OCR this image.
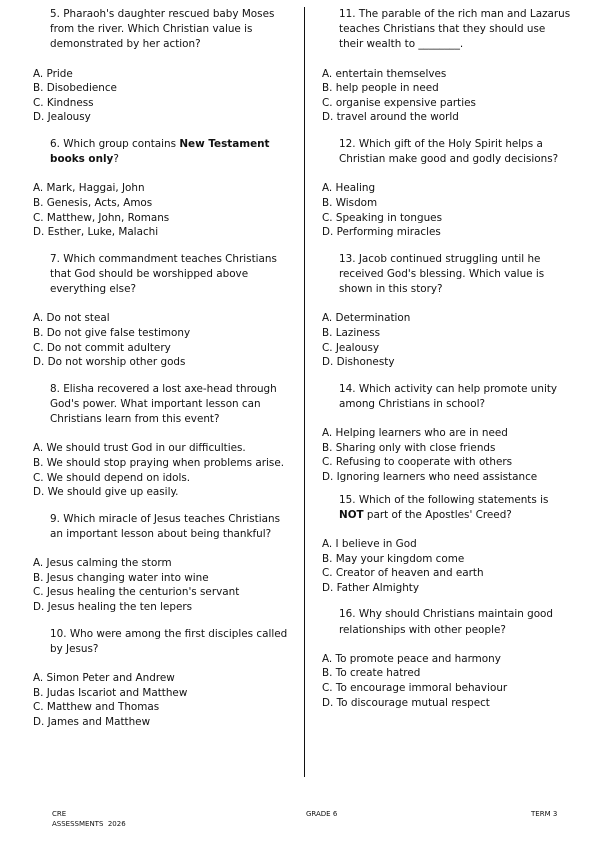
5. Pharaoh's daughter rescued baby Moses from the river. Which Christian value is demonstrated by her action?

A. Pride
B. Disobedience
C. Kindness
D. Jealousy

6. Which group contains New Testament books only?

A. Mark, Haggai, John
B. Genesis, Acts, Amos
C. Matthew, John, Romans
D. Esther, Luke, Malachi

7. Which commandment teaches Christians that God should be worshipped above everything else?

A. Do not steal
B. Do not give false testimony
C. Do not commit adultery
D. Do not worship other gods

8. Elisha recovered a lost axe-head through God's power. What important lesson can Christians learn from this event?

A. We should trust God in our difficulties.
B. We should stop praying when problems arise.
C. We should depend on idols.
D. We should give up easily.

9. Which miracle of Jesus teaches Christians an important lesson about being thankful?

A. Jesus calming the storm
B. Jesus changing water into wine
C. Jesus healing the centurion's servant
D. Jesus healing the ten lepers

10. Who were among the first disciples called by Jesus?

A. Simon Peter and Andrew
B. Judas Iscariot and Matthew
C. Matthew and Thomas
D. James and Matthew

11. The parable of the rich man and Lazarus teaches Christians that they should use their wealth to ________.

A. entertain themselves
B. help people in need
C. organise expensive parties
D. travel around the world

12. Which gift of the Holy Spirit helps a Christian make good and godly decisions?

A. Healing
B. Wisdom
C. Speaking in tongues
D. Performing miracles

13. Jacob continued struggling until he received God's blessing. Which value is shown in this story?

A. Determination
B. Laziness
C. Jealousy
D. Dishonesty

14. Which activity can help promote unity among Christians in school?

A. Helping learners who are in need
B. Sharing only with close friends
C. Refusing to cooperate with others
D. Ignoring learners who need assistance

15. Which of the following statements is NOT part of the Apostles' Creed?

A. I believe in God
B. May your kingdom come
C. Creator of heaven and earth
D. Father Almighty

16. Why should Christians maintain good relationships with other people?

A. To promote peace and harmony
B. To create hatred
C. To encourage immoral behaviour
D. To discourage mutual respect
CRE
ASSESSMENTS  2026
GRADE 6	TERM 3
